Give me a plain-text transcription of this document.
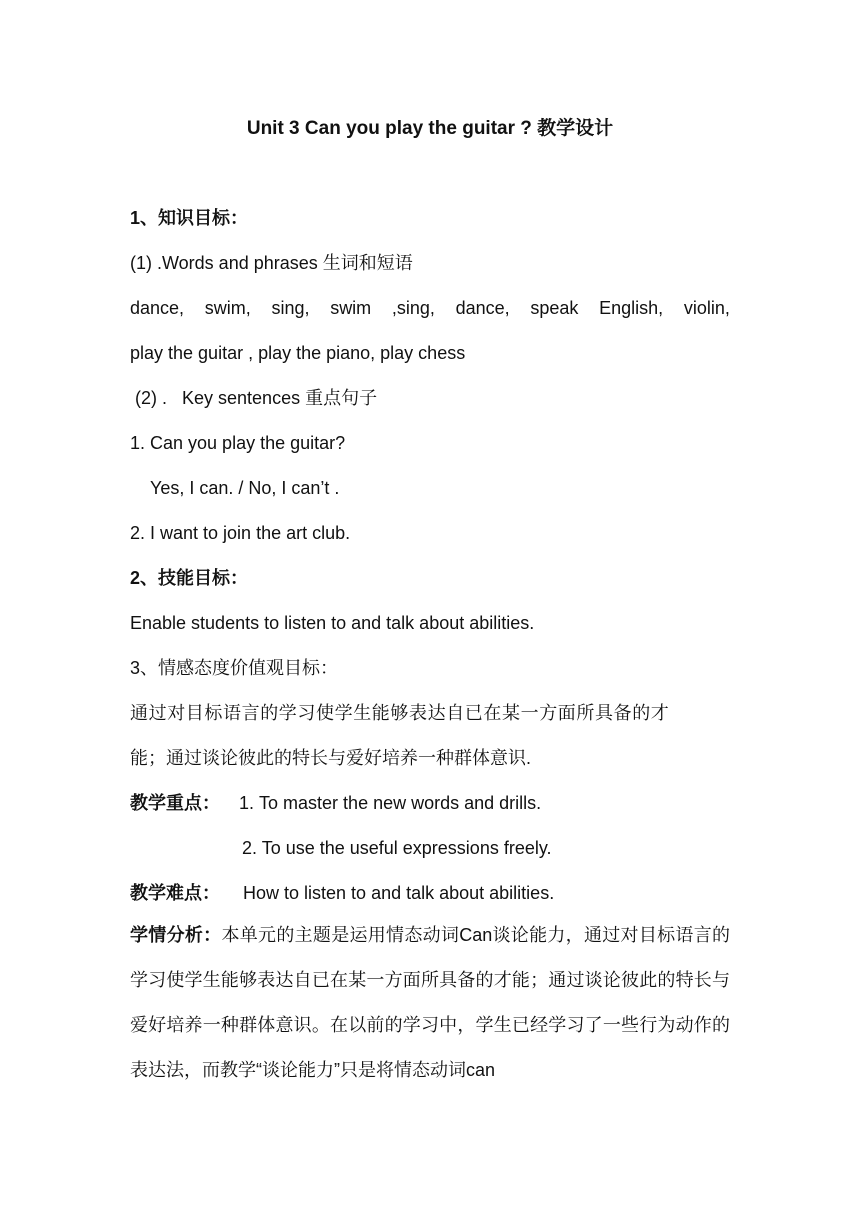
Unit 3 Can you play the guitar ? 教学设计
1、知识目标：
(1) .Words and phrases 生词和短语
dance, swim, sing, swim ,sing, dance, speak English, violin,
play the guitar , play the piano, play chess
(2) .   Key sentences 重点句子
1. Can you play the guitar?
Yes, I can. / No, I can’t .
2. I want to join the art club.
2、技能目标：
Enable students to listen to and talk about abilities.
3、情感态度价值观目标：
通过对目标语言的学习使学生能够表达自已在某一方面所具备的才
能；通过谈论彼此的特长与爱好培养一种群体意识.
教学重点： 1. To master the new words and drills.
2. To use the useful expressions freely.
教学难点： How to listen to and talk about abilities.
学情分析：本单元的主题是运用情态动词Can谈论能力，通过对目标语言的学习使学生能够表达自已在某一方面所具备的才能；通过谈论彼此的特长与爱好培养一种群体意识。在以前的学习中，学生已经学习了一些行为动作的表达法，而教学“谈论能力”只是将情态动词can
